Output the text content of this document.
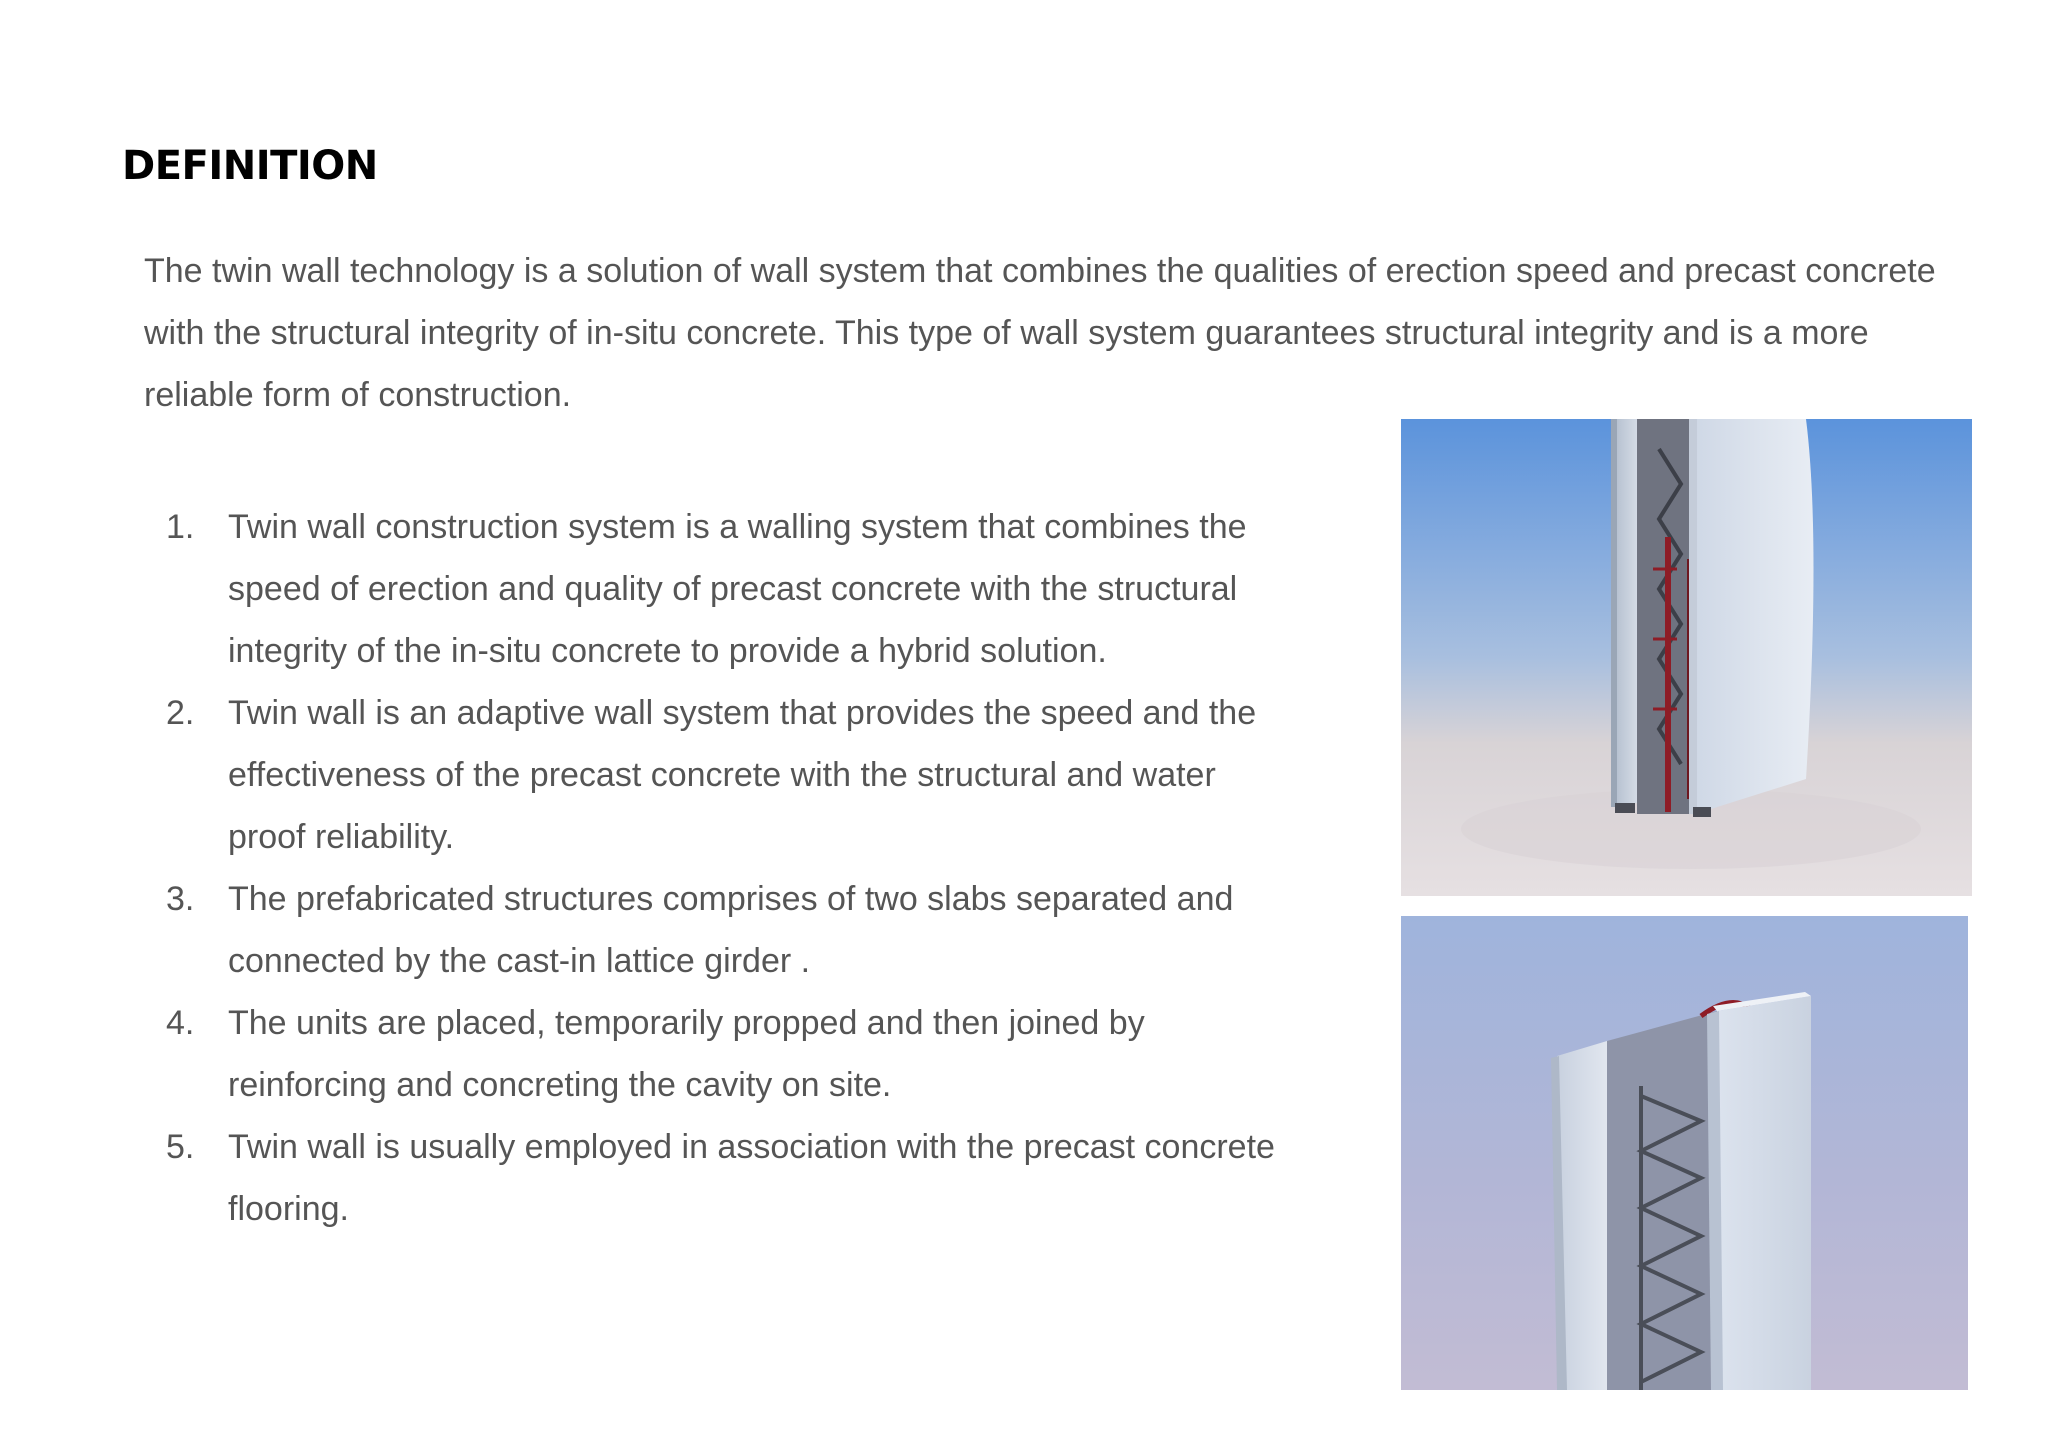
DEFINITION

The twin wall technology is a solution of wall system that combines the qualities of erection speed and precast concrete with the structural integrity of in-situ concrete. This type of wall system guarantees structural integrity and is a more reliable form of construction.

1. Twin wall construction system is a walling system that combines the speed of erection and quality of precast concrete with the structural integrity of the in-situ concrete to provide a hybrid solution.
2. Twin wall is an adaptive wall system that provides the speed and the effectiveness of the precast concrete with the structural and water proof reliability.
3. The prefabricated structures comprises of two slabs separated and connected by the cast-in lattice girder .
4. The units are placed, temporarily propped and then joined by reinforcing and concreting the cavity on site.
5. Twin wall is usually employed in association with the precast concrete flooring.
